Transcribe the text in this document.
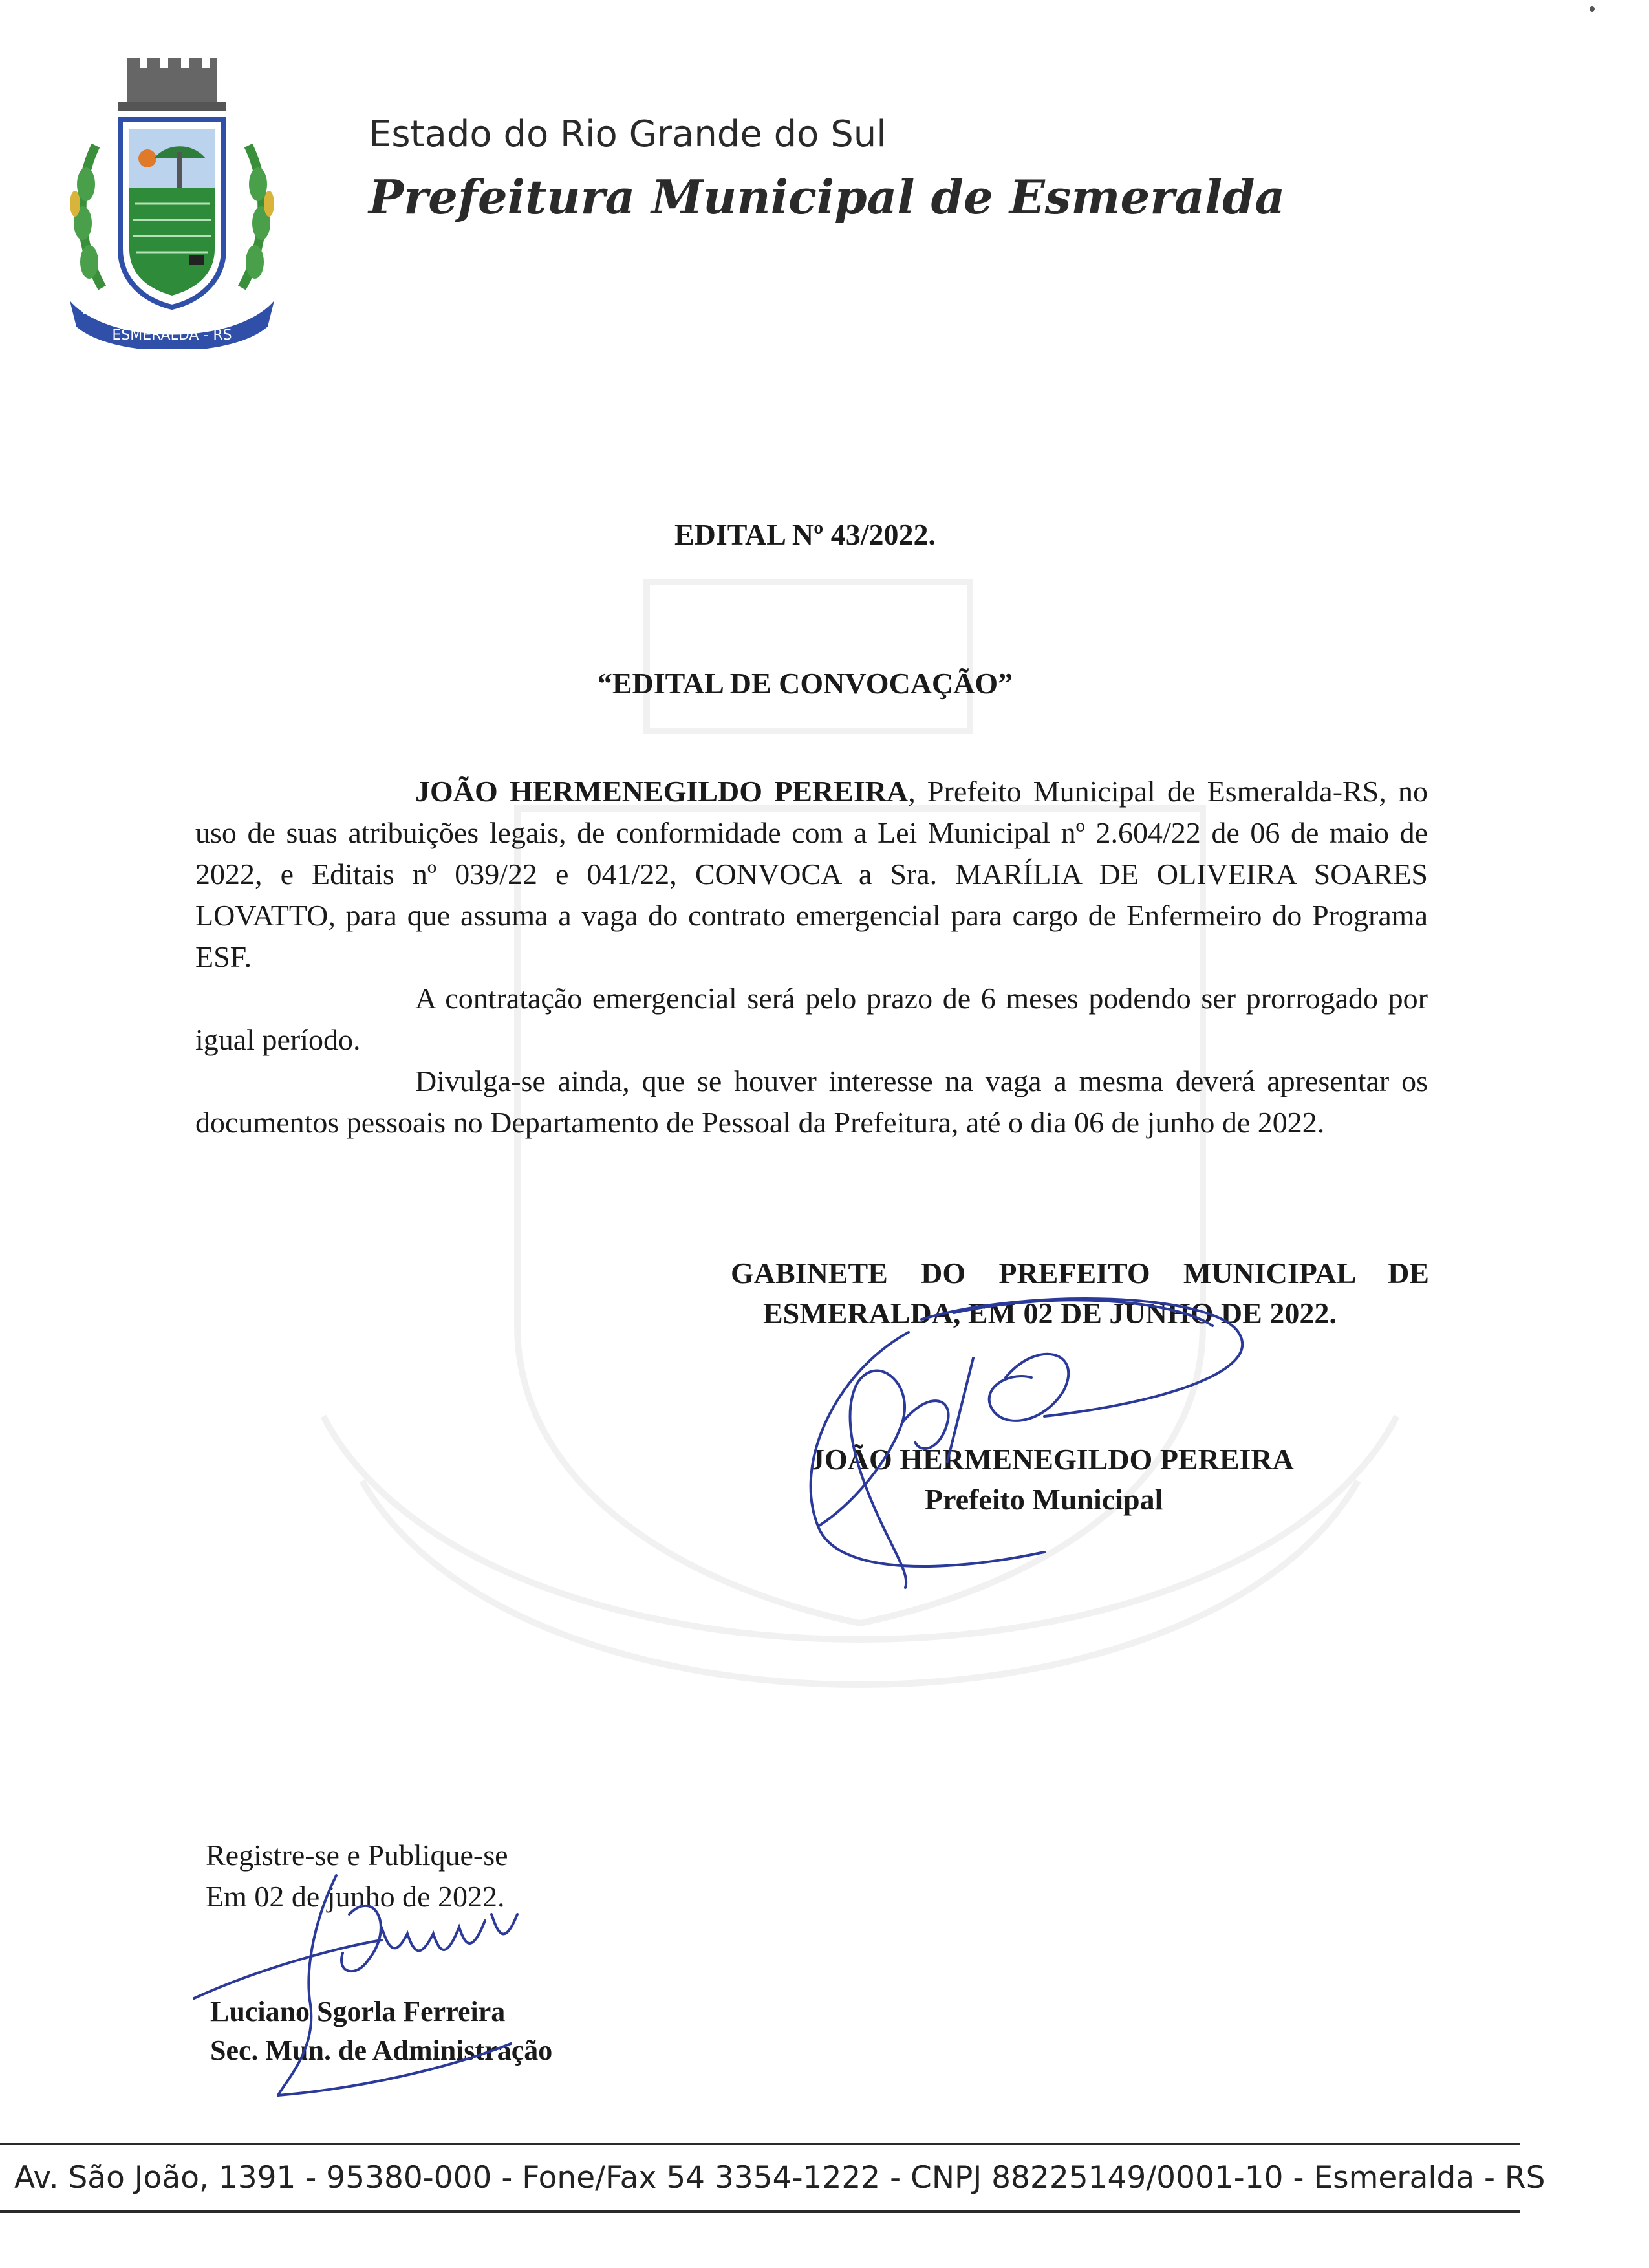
ESMERALDA - RS
27/11	1965
Estado do Rio Grande do Sul
Prefeitura Municipal de Esmeralda
EDITAL Nº 43/2022.
“EDITAL DE CONVOCAÇÃO”

JOÃO HERMENEGILDO PEREIRA, Prefeito Municipal de Esmeralda-RS, no uso de suas atribuições legais, de conformidade com a Lei Municipal nº 2.604/22 de 06 de maio de 2022, e Editais nº 039/22 e 041/22, CONVOCA a Sra. MARÍLIA DE OLIVEIRA SOARES LOVATTO, para que assuma a vaga do contrato emergencial para cargo de Enfermeiro do Programa ESF.

A contratação emergencial será pelo prazo de 6 meses podendo ser prorrogado por igual período.

Divulga-se ainda, que se houver interesse na vaga a mesma deverá apresentar os documentos pessoais no Departamento de Pessoal da Prefeitura, até o dia 06 de junho de 2022.

GABINETE DO PREFEITO MUNICIPAL DE
ESMERALDA, EM 02 DE JUNHO DE 2022.
JOÃO HERMENEGILDO PEREIRA
Prefeito Municipal
Registre-se e Publique-se
Em 02 de junho de 2022.
Luciano Sgorla Ferreira
Sec. Mun. de Administração
Av. São João, 1391 - 95380-000 - Fone/Fax 54 3354-1222 - CNPJ 88225149/0001-10 - Esmeralda - RS
